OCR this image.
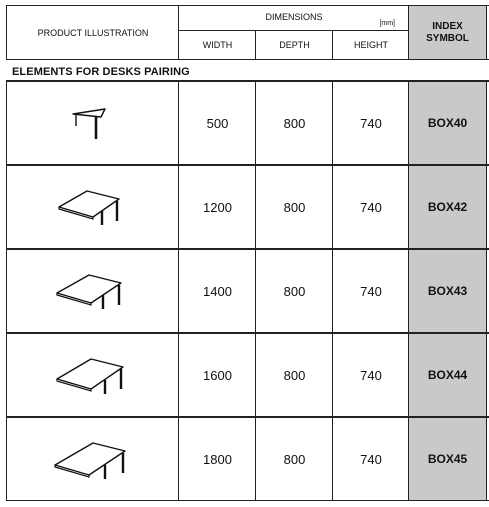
PRODUCT ILLUSTRATION
DIMENSIONS
[mm]
WIDTH	DEPTH	HEIGHT
INDEX
SYMBOL
ELEMENTS FOR DESKS PAIRING
500	800	740	BOX40
1200	800	740	BOX42
1400	800	740	BOX43
1600	800	740	BOX44
1800	800	740	BOX45
